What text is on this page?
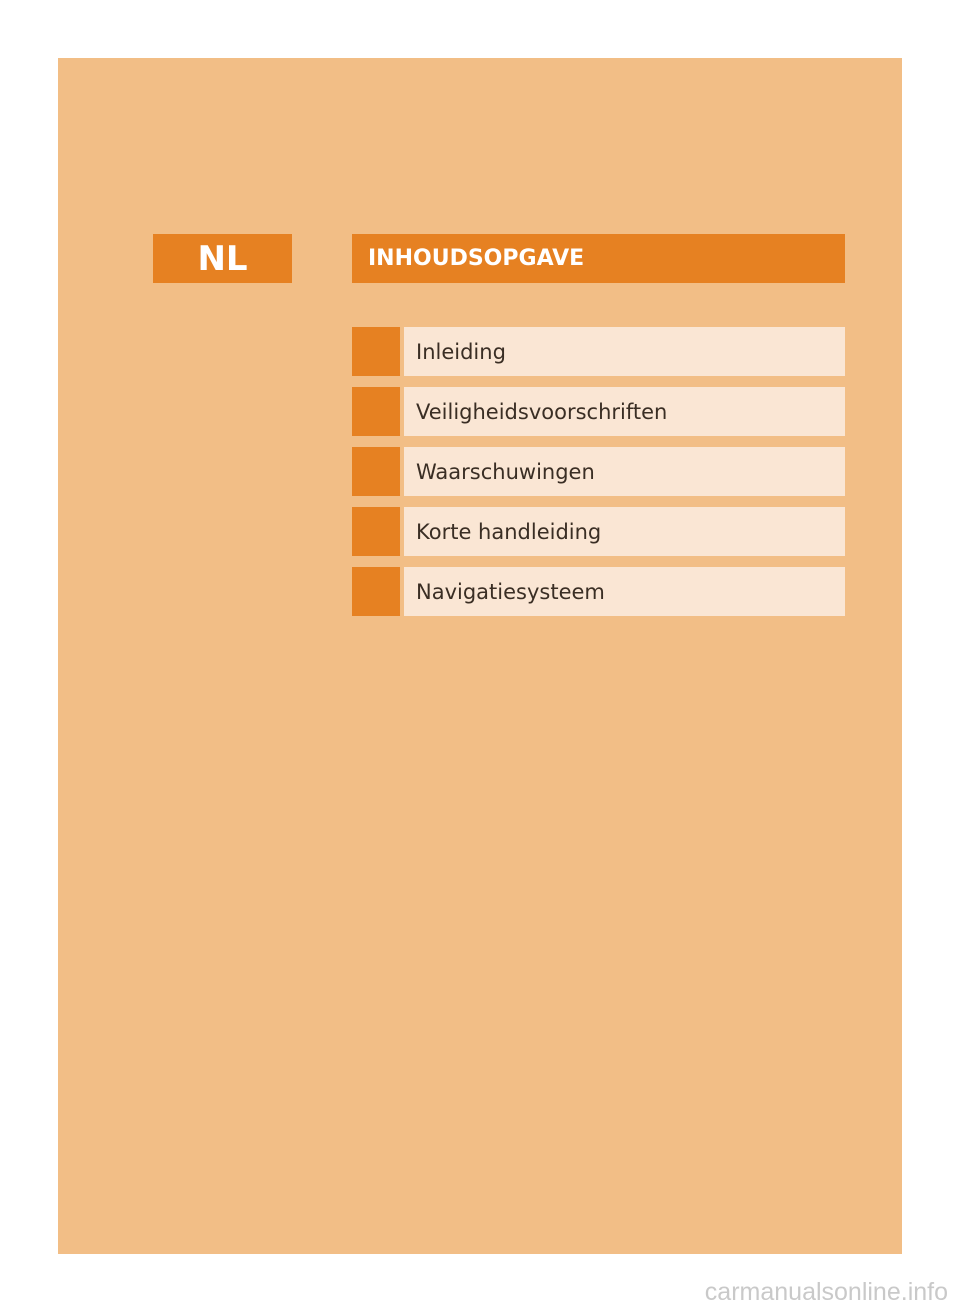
NL	INHOUDSOPGAVE
Inleiding
Veiligheidsvoorschriften
Waarschuwingen
Korte handleiding
Navigatiesysteem
carmanualsonline.info
